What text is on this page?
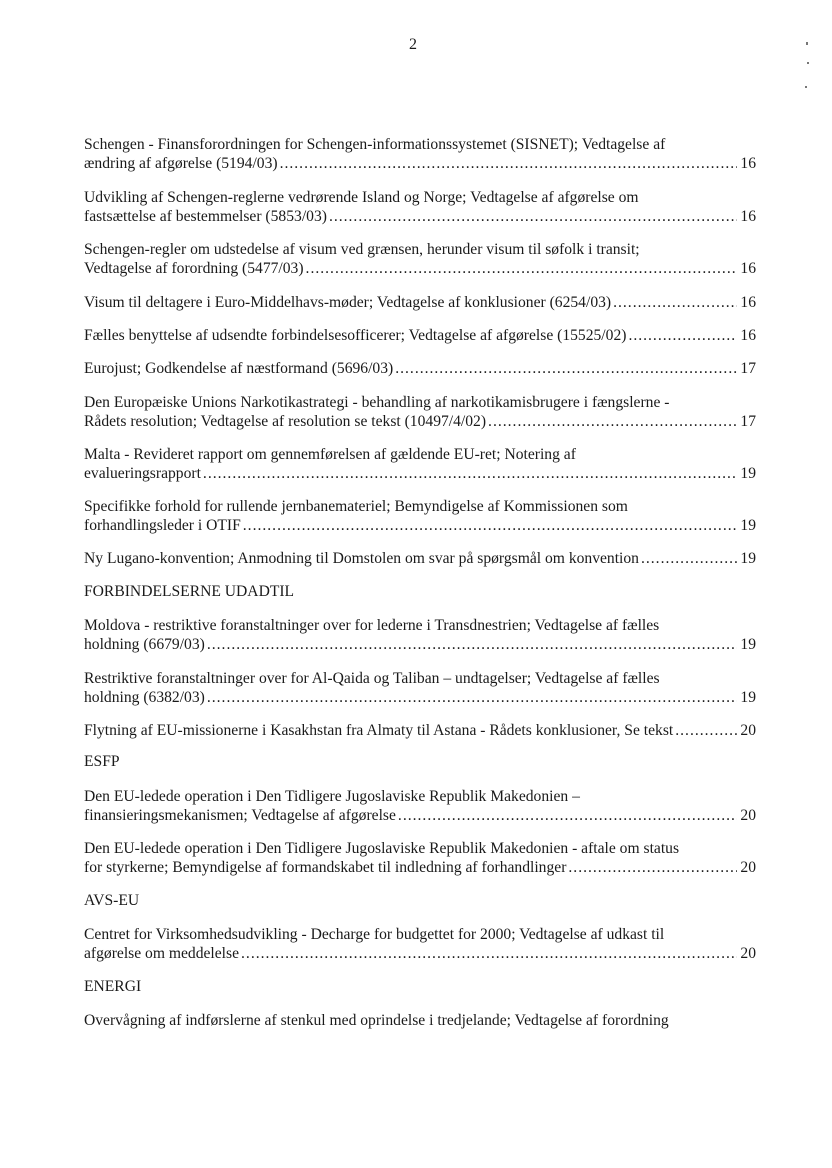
2
Schengen - Finansforordningen for Schengen-informationssystemet (SISNET); Vedtagelse af
ændring af afgørelse (5194/03) .....	16
Udvikling af Schengen-reglerne vedrørende Island og Norge; Vedtagelse af afgørelse om
fastsættelse af bestemmelser (5853/03) .....	16
Schengen-regler om udstedelse af visum ved grænsen, herunder visum til søfolk i transit;
Vedtagelse af forordning (5477/03) .....	16
Visum til deltagere i Euro-Middelhavs-møder; Vedtagelse af konklusioner (6254/03) .....	16
Fælles benyttelse af udsendte forbindelsesofficerer; Vedtagelse af afgørelse (15525/02) .....	16
Eurojust; Godkendelse af næstformand (5696/03) .....	17
Den Europæiske Unions Narkotikastrategi - behandling af narkotikamisbrugere i fængslerne -
Rådets resolution; Vedtagelse af resolution se tekst (10497/4/02) .....	17
Malta - Revideret rapport om gennemførelsen af gældende EU-ret; Notering af
evalueringsrapport .....	19
Specifikke forhold for rullende jernbanemateriel; Bemyndigelse af Kommissionen som
forhandlingsleder i OTIF .....	19
Ny Lugano-konvention; Anmodning til Domstolen om svar på spørgsmål om konvention .....	19
FORBINDELSERNE UDADTIL
Moldova - restriktive foranstaltninger over for lederne i Transdnestrien; Vedtagelse af fælles
holdning (6679/03) .....	19
Restriktive foranstaltninger over for Al-Qaida og Taliban – undtagelser; Vedtagelse af fælles
holdning (6382/03) .....	19
Flytning af EU-missionerne i Kasakhstan fra Almaty til Astana - Rådets konklusioner, Se tekst .....	20
ESFP
Den EU-ledede operation i Den Tidligere Jugoslaviske Republik Makedonien –
finansieringsmekanismen; Vedtagelse af afgørelse .....	20
Den EU-ledede operation i Den Tidligere Jugoslaviske Republik Makedonien - aftale om status
for styrkerne; Bemyndigelse af formandskabet til indledning af forhandlinger .....	20
AVS-EU
Centret for Virksomhedsudvikling - Decharge for budgettet for 2000; Vedtagelse af udkast til
afgørelse om meddelelse .....	20
ENERGI
Overvågning af indførslerne af stenkul med oprindelse i tredjelande; Vedtagelse af forordning
